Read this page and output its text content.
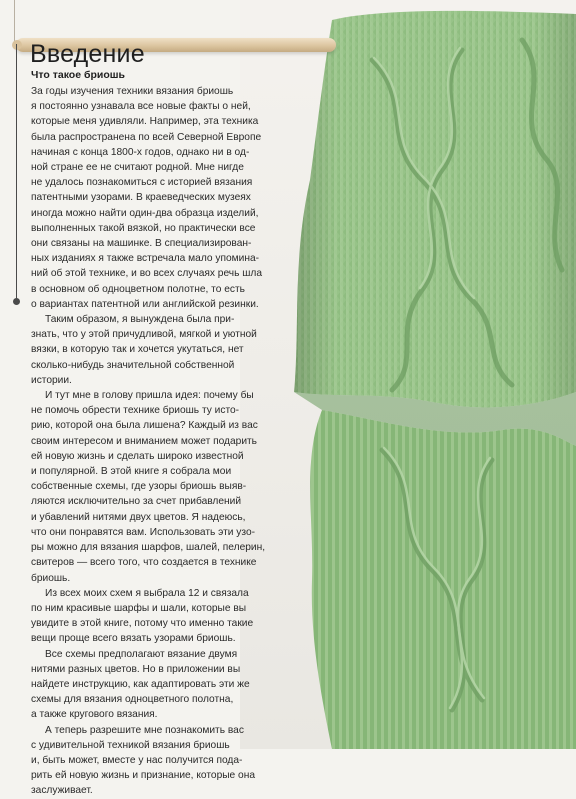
Введение
Что такое бриошь

За годы изучения техники вязания бриошь
я постоянно узнавала все новые факты о ней,
которые меня удивляли. Например, эта техника
была распространена по всей Северной Европе
начиная с конца 1800-х годов, однако ни в од-
ной стране ее не считают родной. Мне нигде
не удалось познакомиться с историей вязания
патентными узорами. В краеведческих музеях
иногда можно найти один-два образца изделий,
выполненных такой вязкой, но практически все
они связаны на машинке. В специализирован-
ных изданиях я также встречала мало упомина-
ний об этой технике, и во всех случаях речь шла
в основном об одноцветном полотне, то есть
о вариантах патентной или английской резинки.

Таким образом, я вынуждена была при-
знать, что у этой причудливой, мягкой и уютной
вязки, в которую так и хочется укутаться, нет
сколько-нибудь значительной собственной
истории.

И тут мне в голову пришла идея: почему бы
не помочь обрести технике бриошь ту исто-
рию, которой она была лишена? Каждый из вас
своим интересом и вниманием может подарить
ей новую жизнь и сделать широко известной
и популярной. В этой книге я собрала мои
собственные схемы, где узоры бриошь выяв-
ляются исключительно за счет прибавлений
и убавлений нитями двух цветов. Я надеюсь,
что они понравятся вам. Использовать эти узо-
ры можно для вязания шарфов, шалей, пелерин,
свитеров — всего того, что создается в технике
бриошь.

Из всех моих схем я выбрала 12 и связала
по ним красивые шарфы и шали, которые вы
увидите в этой книге, потому что именно такие
вещи проще всего вязать узорами бриошь.

Все схемы предполагают вязание двумя
нитями разных цветов. Но в приложении вы
найдете инструкцию, как адаптировать эти же
схемы для вязания одноцветного полотна,
а также кругового вязания.

А теперь разрешите мне познакомить вас
с удивительной техникой вязания бриошь
и, быть может, вместе у нас получится пода-
рить ей новую жизнь и признание, которые она
заслуживает.
